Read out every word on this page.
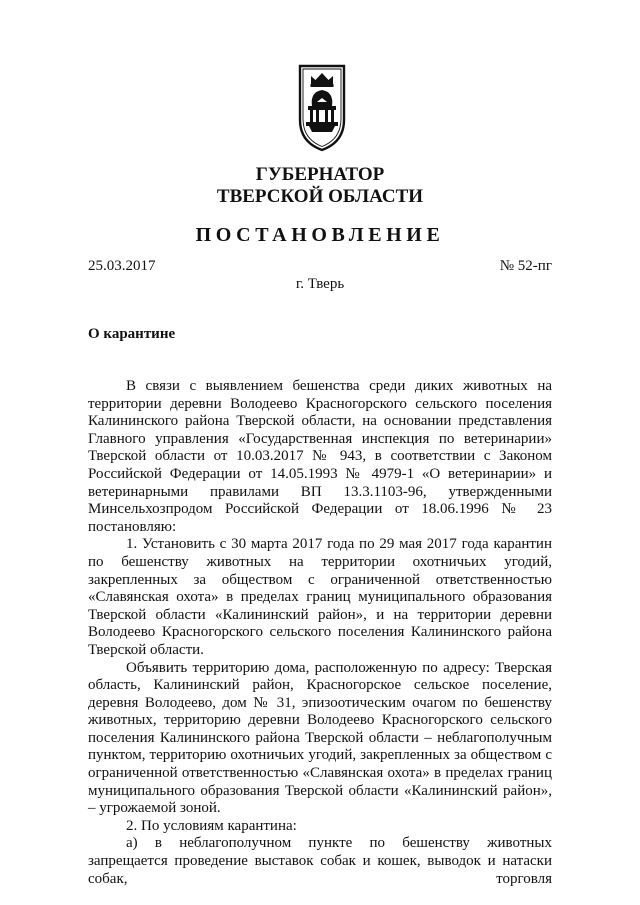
ГУБЕРНАТОР
ТВЕРСКОЙ ОБЛАСТИ
ПОСТАНОВЛЕНИЕ

25.03.2017	№ 52-пг

г. Тверь

О карантине

В связи с выявлением бешенства среди диких животных на территории деревни Володеево Красногорского сельского поселения Калининского района Тверской области, на основании представления Главного управления «Государственная инспекция по ветеринарии» Тверской области от 10.03.2017 № 943, в соответствии с Законом Российской Федерации от 14.05.1993 № 4979-1 «О ветеринарии» и ветеринарными правилами ВП 13.3.1103-96, утвержденными Минсельхозпродом Российской Федерации от 18.06.1996 № 23 постановляю:

1. Установить с 30 марта 2017 года по 29 мая 2017 года карантин по бешенству животных на территории охотничьих угодий, закрепленных за обществом с ограниченной ответственностью «Славянская охота» в пределах границ муниципального образования Тверской области «Калининский район», и на территории деревни Володеево Красногорского сельского поселения Калининского района Тверской области.

Объявить территорию дома, расположенную по адресу: Тверская область, Калининский район, Красногорское сельское поселение, деревня Володеево, дом № 31, эпизоотическим очагом по бешенству животных, территорию деревни Володеево Красногорского сельского поселения Калининского района Тверской области – неблагополучным пунктом, территорию охотничьих угодий, закрепленных за обществом с ограниченной ответственностью «Славянская охота» в пределах границ муниципального образования Тверской области «Калининский район», – угрожаемой зоной.

2. По условиям карантина:

а) в неблагополучном пункте по бешенству животных запрещается проведение выставок собак и кошек, выводок и натаски собак, торговля
